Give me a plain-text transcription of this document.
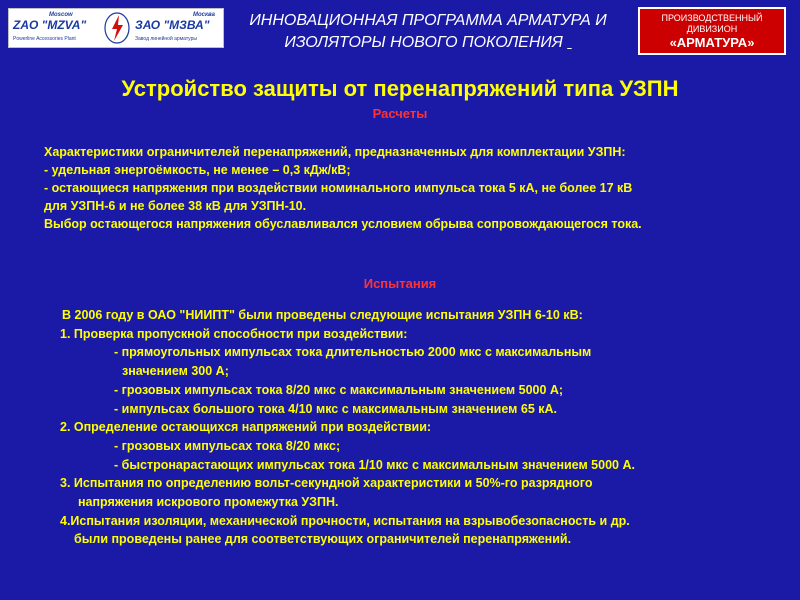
Moscow
ZAO "MZVA"
Powerline Accessories Plant
Москва
ЗАО "МЗВА"
Завод линейной арматуры
ИННОВАЦИОННАЯ ПРОГРАММА АРМАТУРА И
ИЗОЛЯТОРЫ НОВОГО ПОКОЛЕНИЯ
ПРОИЗВОДСТВЕННЫЙ
ДИВИЗИОН
«АРМАТУРА»
Устройство защиты от перенапряжений типа УЗПН
Расчеты
Характеристики ограничителей перенапряжений, предназначенных для комплектации УЗПН:
- удельная энергоёмкость, не менее – 0,3 кДж/кВ;
- остающиеся напряжения при воздействии номинального импульса тока 5 кА, не более 17 кВ
для УЗПН-6 и не более 38 кВ для УЗПН-10.
Выбор остающегося напряжения обуславливался условием обрыва сопровождающегося тока.
Испытания
В 2006 году в ОАО "НИИПТ" были проведены следующие испытания УЗПН 6-10 кВ:
1. Проверка пропускной способности при воздействии:
- прямоугольных импульсах тока длительностью 2000 мкс с максимальным
значением 300 А;
- грозовых импульсах тока 8/20 мкс с максимальным значением 5000 А;
- импульсах большого тока 4/10 мкс с максимальным значением 65 кА.
2. Определение остающихся напряжений при воздействии:
- грозовых импульсах тока 8/20 мкс;
- быстронарастающих импульсах тока 1/10 мкс с максимальным значением 5000 А.
3. Испытания по определению вольт-секундной характеристики и 50%-го разрядного
напряжения искрового промежутка УЗПН.
4.Испытания изоляции, механической прочности, испытания на взрывобезопасность и др.
были проведены ранее для соответствующих ограничителей перенапряжений.
